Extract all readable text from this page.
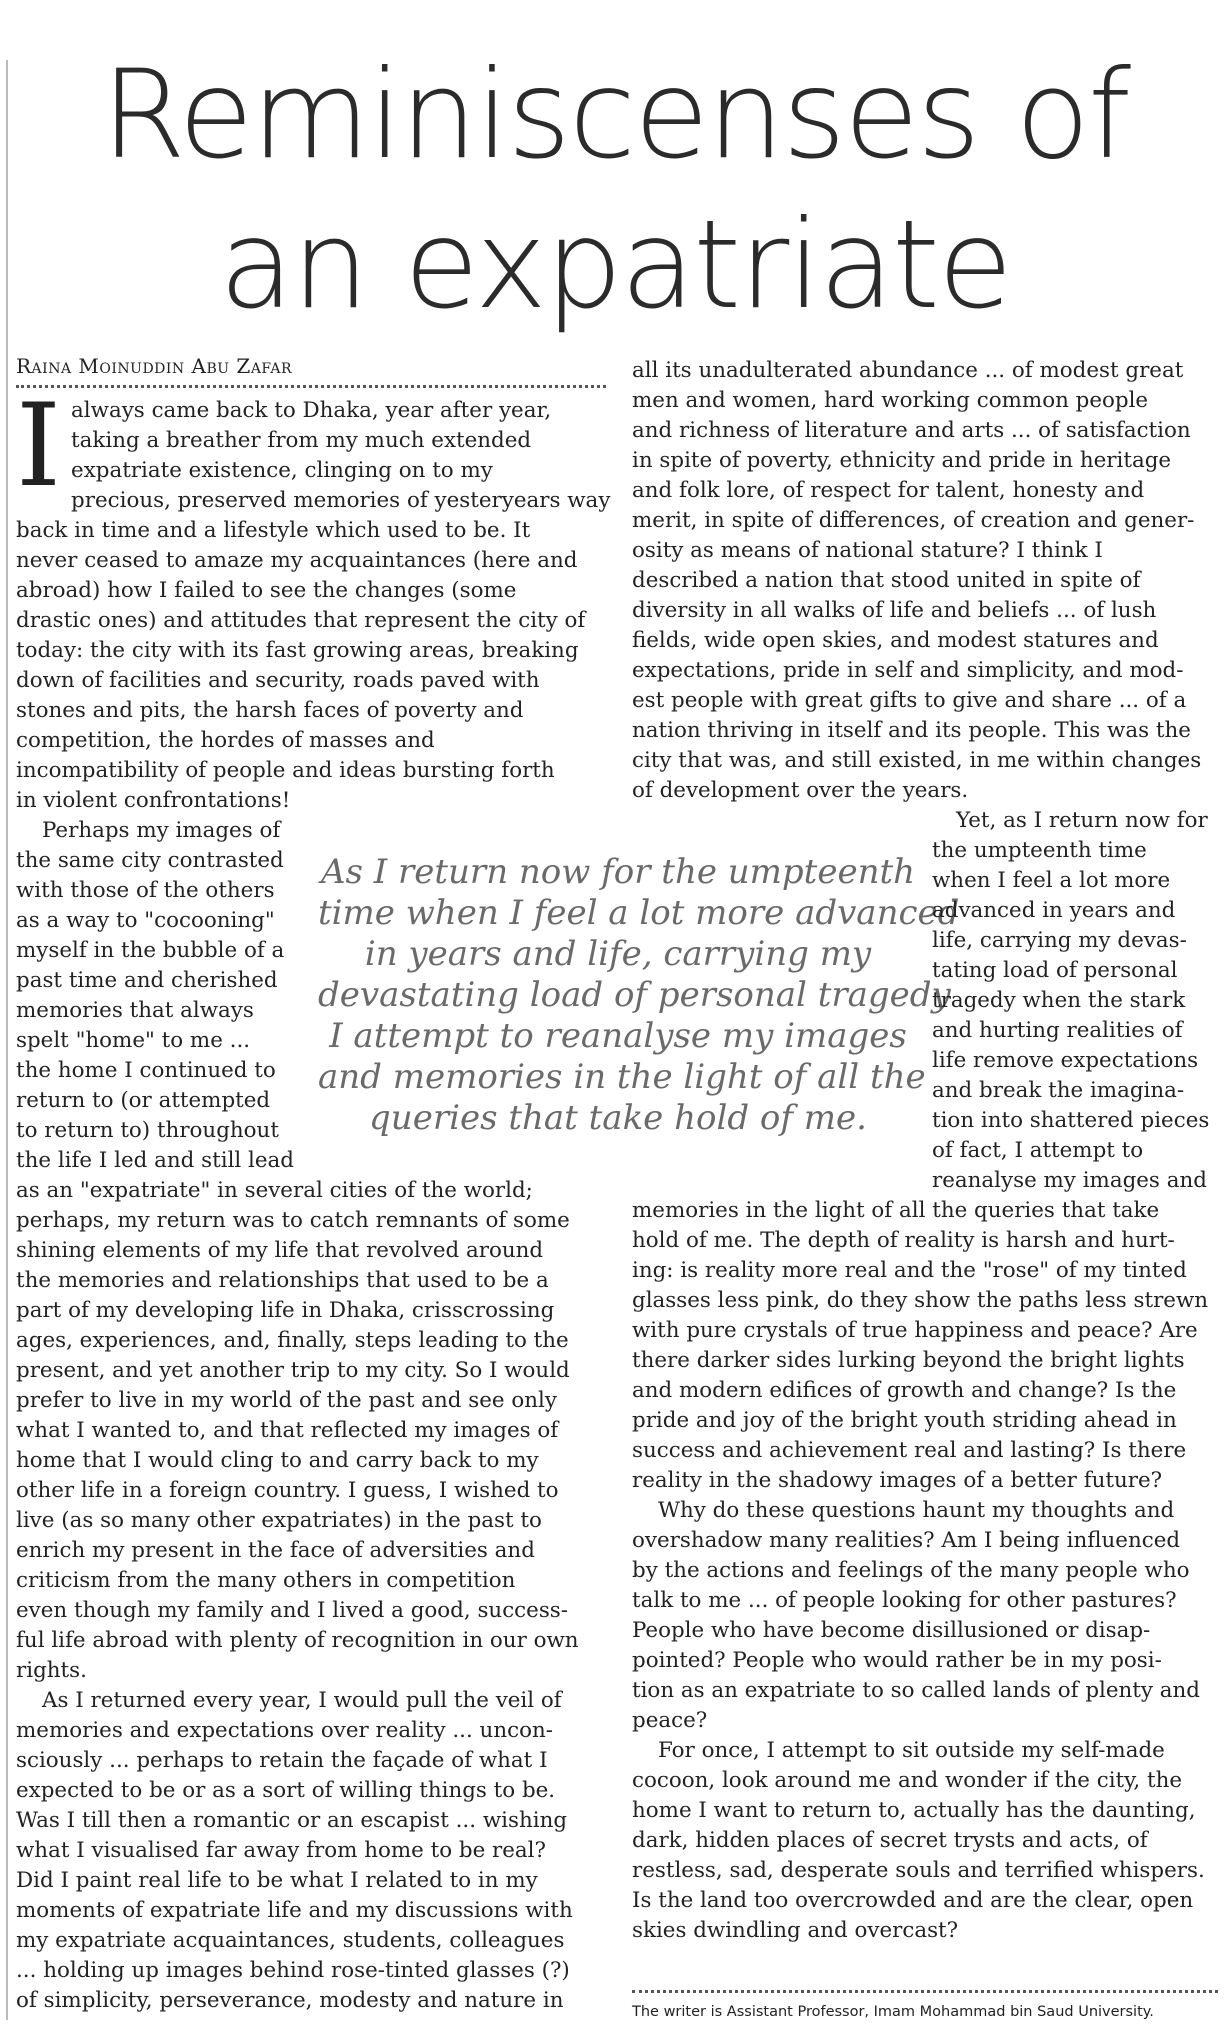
Reminiscenses of
an expatriate
Raina Moinuddin Abu Zafar
I always came back to Dhaka, year after year,
taking a breather from my much extended
expatriate existence, clinging on to my
precious, preserved memories of yesteryears way
back in time and a lifestyle which used to be. It
never ceased to amaze my acquaintances (here and
abroad) how I failed to see the changes (some
drastic ones) and attitudes that represent the city of
today: the city with its fast growing areas, breaking
down of facilities and security, roads paved with
stones and pits, the harsh faces of poverty and
competition, the hordes of masses and
incompatibility of people and ideas bursting forth
in violent confrontations!
Perhaps my images of
the same city contrasted
with those of the others
as a way to "cocooning"
myself in the bubble of a
past time and cherished
memories that always
spelt "home" to me ...
the home I continued to
return to (or attempted
to return to) throughout
the life I led and still lead
as an "expatriate" in several cities of the world;
perhaps, my return was to catch remnants of some
shining elements of my life that revolved around
the memories and relationships that used to be a
part of my developing life in Dhaka, crisscrossing
ages, experiences, and, finally, steps leading to the
present, and yet another trip to my city. So I would
prefer to live in my world of the past and see only
what I wanted to, and that reflected my images of
home that I would cling to and carry back to my
other life in a foreign country. I guess, I wished to
live (as so many other expatriates) in the past to
enrich my present in the face of adversities and
criticism from the many others in competition
even though my family and I lived a good, success-
ful life abroad with plenty of recognition in our own
rights.
As I returned every year, I would pull the veil of
memories and expectations over reality ... uncon-
sciously ... perhaps to retain the façade of what I
expected to be or as a sort of willing things to be.
Was I till then a romantic or an escapist ... wishing
what I visualised far away from home to be real?
Did I paint real life to be what I related to in my
moments of expatriate life and my discussions with
my expatriate acquaintances, students, colleagues
... holding up images behind rose-tinted glasses (?)
of simplicity, perseverance, modesty and nature in
As I return now for the umpteenth
time when I feel a lot more advanced
in years and life, carrying my
devastating load of personal tragedy
I attempt to reanalyse my images
and memories in the light of all the
queries that take hold of me.
all its unadulterated abundance ... of modest great
men and women, hard working common people
and richness of literature and arts ... of satisfaction
in spite of poverty, ethnicity and pride in heritage
and folk lore, of respect for talent, honesty and
merit, in spite of differences, of creation and gener-
osity as means of national stature? I think I
described a nation that stood united in spite of
diversity in all walks of life and beliefs ... of lush
fields, wide open skies, and modest statures and
expectations, pride in self and simplicity, and mod-
est people with great gifts to give and share ... of a
nation thriving in itself and its people. This was the
city that was, and still existed, in me within changes
of development over the years.
Yet, as I return now for
the umpteenth time
when I feel a lot more
advanced in years and
life, carrying my devas-
tating load of personal
tragedy when the stark
and hurting realities of
life remove expectations
and break the imagina-
tion into shattered pieces
of fact, I attempt to
reanalyse my images and
memories in the light of all the queries that take
hold of me. The depth of reality is harsh and hurt-
ing: is reality more real and the "rose" of my tinted
glasses less pink, do they show the paths less strewn
with pure crystals of true happiness and peace? Are
there darker sides lurking beyond the bright lights
and modern edifices of growth and change? Is the
pride and joy of the bright youth striding ahead in
success and achievement real and lasting? Is there
reality in the shadowy images of a better future?
Why do these questions haunt my thoughts and
overshadow many realities? Am I being influenced
by the actions and feelings of the many people who
talk to me ... of people looking for other pastures?
People who have become disillusioned or disap-
pointed? People who would rather be in my posi-
tion as an expatriate to so called lands of plenty and
peace?
For once, I attempt to sit outside my self-made
cocoon, look around me and wonder if the city, the
home I want to return to, actually has the daunting,
dark, hidden places of secret trysts and acts, of
restless, sad, desperate souls and terrified whispers.
Is the land too overcrowded and are the clear, open
skies dwindling and overcast?
The writer is Assistant Professor, Imam Mohammad bin Saud University.
